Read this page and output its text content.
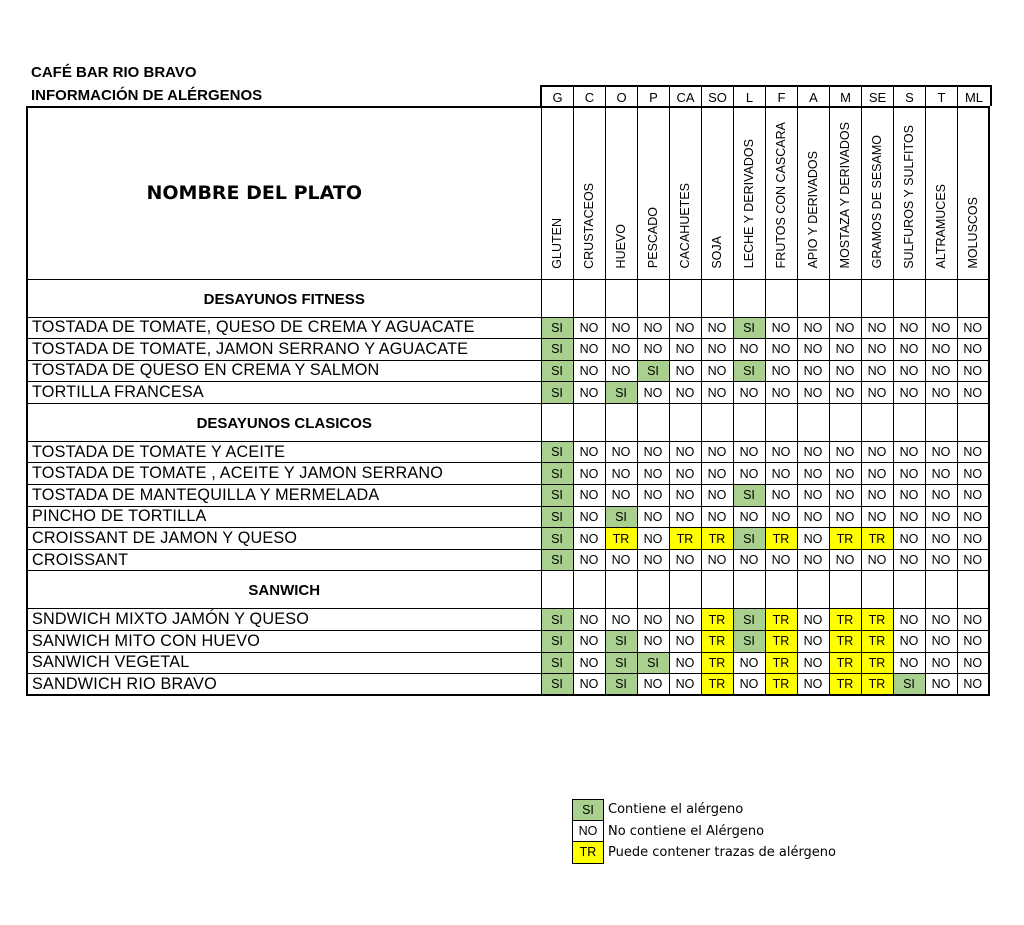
CAFÉ BAR RIO BRAVO
INFORMACIÓN DE ALÉRGENOS	G	C	O	P	CA	SO	L	F	A	M	SE	S	T	ML
NOMBRE DEL PLATO	GLUTEN	CRUSTACEOS	HUEVO	PESCADO	CACAHUETES	SOJA	LECHE Y DERIVADOS	FRUTOS CON CASCARA	APIO Y DERIVADOS	MOSTAZA Y DERIVADOS	GRAMOS DE SESAMO	SULFUROS Y SULFITOS	ALTRAMUCES	MOLUSCOS

DESAYUNOS FITNESS														
TOSTADA DE TOMATE, QUESO DE CREMA Y AGUACATE	SI	NO	NO	NO	NO	NO	SI	NO	NO	NO	NO	NO	NO	NO
TOSTADA DE TOMATE, JAMON SERRANO Y AGUACATE	SI	NO	NO	NO	NO	NO	NO	NO	NO	NO	NO	NO	NO	NO
TOSTADA DE QUESO EN CREMA Y SALMON	SI	NO	NO	SI	NO	NO	SI	NO	NO	NO	NO	NO	NO	NO
TORTILLA FRANCESA	SI	NO	SI	NO	NO	NO	NO	NO	NO	NO	NO	NO	NO	NO
DESAYUNOS CLASICOS														
TOSTADA DE TOMATE Y ACEITE	SI	NO	NO	NO	NO	NO	NO	NO	NO	NO	NO	NO	NO	NO
TOSTADA DE TOMATE , ACEITE Y JAMON SERRANO	SI	NO	NO	NO	NO	NO	NO	NO	NO	NO	NO	NO	NO	NO
TOSTADA DE MANTEQUILLA Y MERMELADA	SI	NO	NO	NO	NO	NO	SI	NO	NO	NO	NO	NO	NO	NO
PINCHO DE TORTILLA	SI	NO	SI	NO	NO	NO	NO	NO	NO	NO	NO	NO	NO	NO
CROISSANT DE JAMON Y QUESO	SI	NO	TR	NO	TR	TR	SI	TR	NO	TR	TR	NO	NO	NO
CROISSANT	SI	NO	NO	NO	NO	NO	NO	NO	NO	NO	NO	NO	NO	NO
SANWICH														
SNDWICH MIXTO JAMÓN Y QUESO	SI	NO	NO	NO	NO	TR	SI	TR	NO	TR	TR	NO	NO	NO
SANWICH MITO CON HUEVO	SI	NO	SI	NO	NO	TR	SI	TR	NO	TR	TR	NO	NO	NO
SANWICH VEGETAL	SI	NO	SI	SI	NO	TR	NO	TR	NO	TR	TR	NO	NO	NO
SANDWICH RIO BRAVO	SI	NO	SI	NO	NO	TR	NO	TR	NO	TR	TR	SI	NO	NO
SI	Contiene el alérgeno
NO No contiene el Alérgeno
TR Puede contener trazas de alérgeno
